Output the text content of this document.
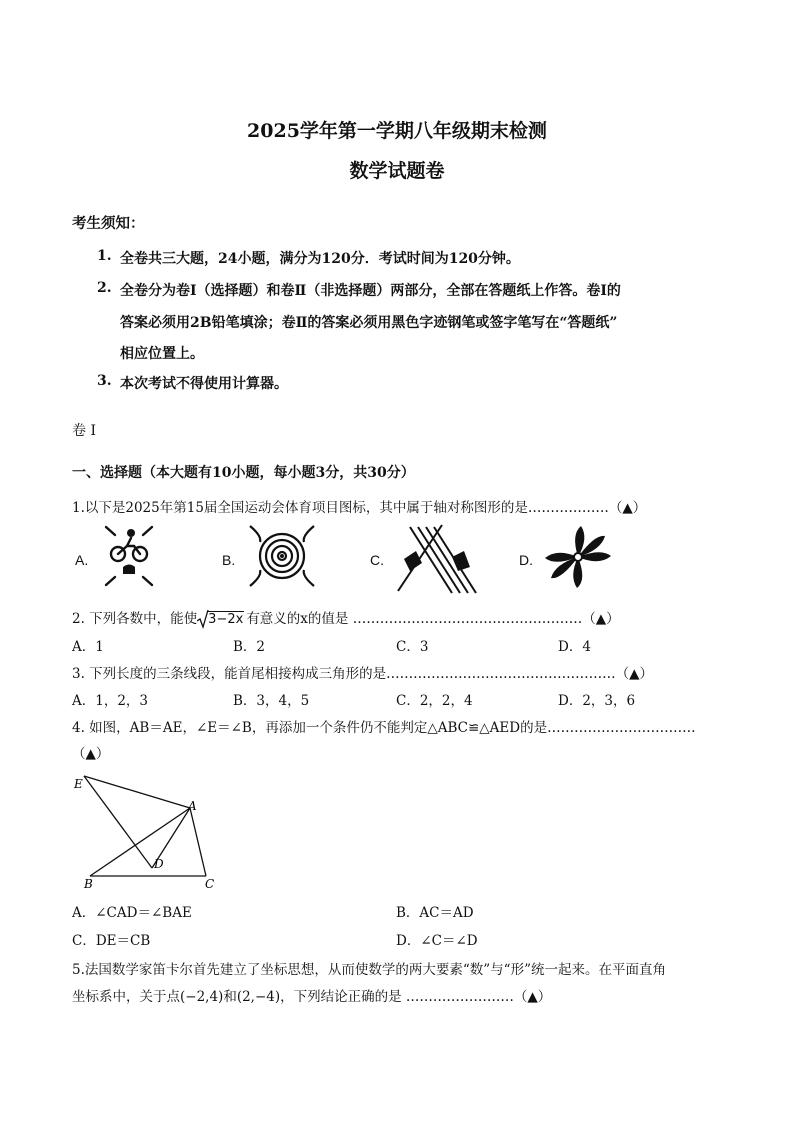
2025学年第一学期八年级期末检测
数学试题卷
考生须知：
1. 全卷共三大题，24小题，满分为120分．考试时间为120分钟。
2. 全卷分为卷Ⅰ（选择题）和卷Ⅱ（非选择题）两部分，全部在答题纸上作答。卷Ⅰ的
答案必须用2B铅笔填涂；卷Ⅱ的答案必须用黑色字迹钢笔或签字笔写在“答题纸”
相应位置上。
3. 本次考试不得使用计算器。
卷 Ⅰ
一、选择题（本大题有10小题，每小题3分，共30分）
1.以下是2025年第15届全国运动会体育项目图标，其中属于轴对称图形的是………………（▲）
A.	B.	C.	D.
2. 下列各数中，能使 3−2x 有意义的x的值是 ……………………………………………（▲）
A．1	B．2	C．3	D．4
3. 下列长度的三条线段，能首尾相接构成三角形的是……………………………………………（▲）
A．1，2，3	B．3，4，5	C．2，2，4	D．2，3，6
4. 如图，AB＝AE，∠E＝∠B，再添加一个条件仍不能判定△ABC≌△AED的是……………………………
（▲）
E
A
D
B	C
A．∠CAD＝∠BAE	B．AC＝AD
C．DE＝CB	D．∠C＝∠D
5.法国数学家笛卡尔首先建立了坐标思想，从而使数学的两大要素“数”与“形”统一起来。在平面直角
坐标系中，关于点(−2,4)和(2,−4)，下列结论正确的是 ……………………（▲）
